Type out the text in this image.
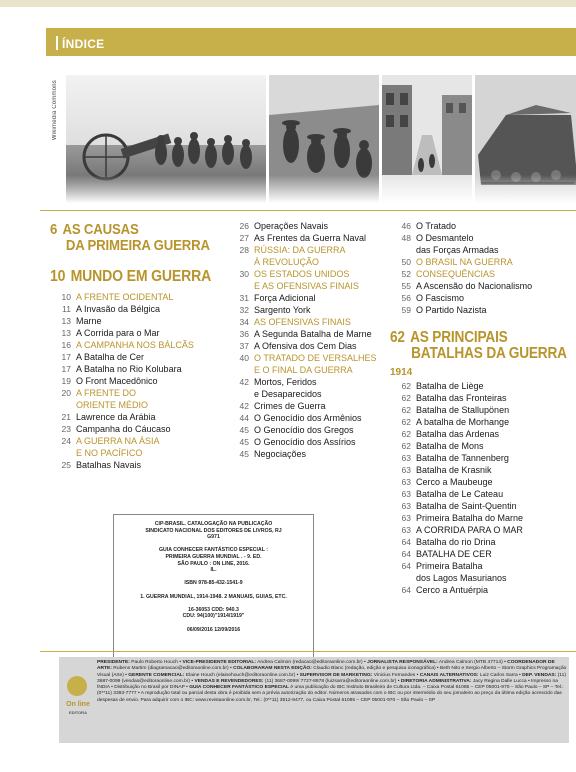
ÍNDICE
Wikimedia Commons
6 AS CAUSAS
DA PRIMEIRA GUERRA
10 MUNDO EM GUERRA
10 A FRENTE OCIDENTAL
11 A Invasão da Bélgica
13 Marne
13 A Corrida para o Mar
16 A CAMPANHA NOS BÁLCÃS
17 A Batalha de Cer
17 A Batalha no Rio Kolubara
19 O Front Macedônico
20 A FRENTE DO
ORIENTE MÉDIO
21 Lawrence da Arábia
23 Campanha do Cáucaso
24 A GUERRA NA ÁSIA
E NO PACÍFICO
25 Batalhas Navais
26 Operações Navais
27 As Frentes da Guerra Naval
28 RÚSSIA: DA GUERRA
À REVOLUÇÃO
30 OS ESTADOS UNIDOS
E AS OFENSIVAS FINAIS
31 Força Adicional
32 Sargento York
34 AS OFENSIVAS FINAIS
36 A Segunda Batalha de Marne
37 A Ofensiva dos Cem Dias
40 O TRATADO DE VERSALHES
E O FINAL DA GUERRA
42 Mortos, Feridos
e Desaparecidos
42 Crimes de Guerra
44 O Genocídio dos Armênios
45 O Genocídio dos Gregos
45 O Genocídio dos Assírios
45 Negociações
46 O Tratado
48 O Desmantelo
das Forças Armadas
50 O BRASIL NA GUERRA
52 CONSEQUÊNCIAS
55 A Ascensão do Nacionalismo
56 O Fascismo
59 O Partido Nazista
62 AS PRINCIPAIS
BATALHAS DA GUERRA
1914
62 Batalha de Liège
62 Batalha das Fronteiras
62 Batalha de Stallupönen
62 A batalha de Morhange
62 Batalha das Ardenas
62 Batalha de Mons
63 Batalha de Tannenberg
63 Batalha de Krasnik
63 Cerco a Maubeuge
63 Batalha de Le Cateau
63 Batalha de Saint-Quentin
63 Primeira Batalha do Marne
63 A CORRIDA PARA O MAR
64 Batalha do rio Drina
64 BATALHA DE CER
64 Primeira Batalha
dos Lagos Masurianos
64 Cerco a Antuérpia
CIP-BRASIL. CATALOGAÇÃO NA PUBLICAÇÃO
SINDICATO NACIONAL DOS EDITORES DE LIVROS, RJ
G971

GUIA CONHECER FANTÁSTICO ESPECIAL :
PRIMEIRA GUERRA MUNDIAL . - 9. ED.
SÃO PAULO : ON LINE, 2016.
IL.

ISBN 978-85-432-1541-9

1. GUERRA MUNDIAL, 1914-1948. 2 MANUAIS, GUIAS, ETC.

16-36053 CDD: 940.3
CDU: 94(100)"1914/1919"

06/09/2016 12/09/2016
On line
EDITORA
PRESIDENTE: Paulo Roberto Houch • VICE-PRESIDENTE EDITORIAL: Andrea Calmon (redacao@editoraonline.com.br) • JORNALISTA RESPONSÁVEL: Andrea Calmon (MTB 47714) • COORDENADOR DE ARTE: Rubens Martim (diagramacao@editoraonline.com.br) • COLABORARAM NESTA EDIÇÃO: Claudio Blanc (redação, edição e pesquisa iconográfica) • Beth Nito e Sergio Alberto – Storm Graphics Programação Visual (Arte) • GERENTE COMERCIAL: Elaine Houch (elainehouch@editoraonline.com.br) • SUPERVISOR DE MARKETING: Vinicius Fernandes • CANAIS ALTERNATIVOS: Luiz Carlos Sarra • DEP. VENDAS: (11) 3687-0099 (vendas@editoraonline.com.br) • VENDAS E REVENDEDORES: (11) 3687-0099/ 7727-8678 (luizsarra@editoraonline.com.br) • DIRETORIA ADMINISTRATIVA: Jacy Regina Dalle Lucca • Impresso na ÍNDIA • Distribuição no Brasil por DINAP • GUIA CONHECER FANTÁSTICO ESPECIAL é uma publicação do IBC Instituto Brasileiro de Cultura Ltda. – Caixa Postal 61085 – CEP 05001-970 – São Paulo – SP – Tel.: (0**11) 3393-7777 • A reprodução total ou parcial desta obra é proibida sem a prévia autorização do editor. Números atrasados com o IBC ou por intermédio do seu jornaleiro ao preço da última edição acrescido das despesas de envio. Para adquirir com o IBC: www.revistaonline.com.br, Tel.: (0**11) 3512-9477, ou Caixa Postal 61085 – CEP 05001-970 – São Paulo – SP
